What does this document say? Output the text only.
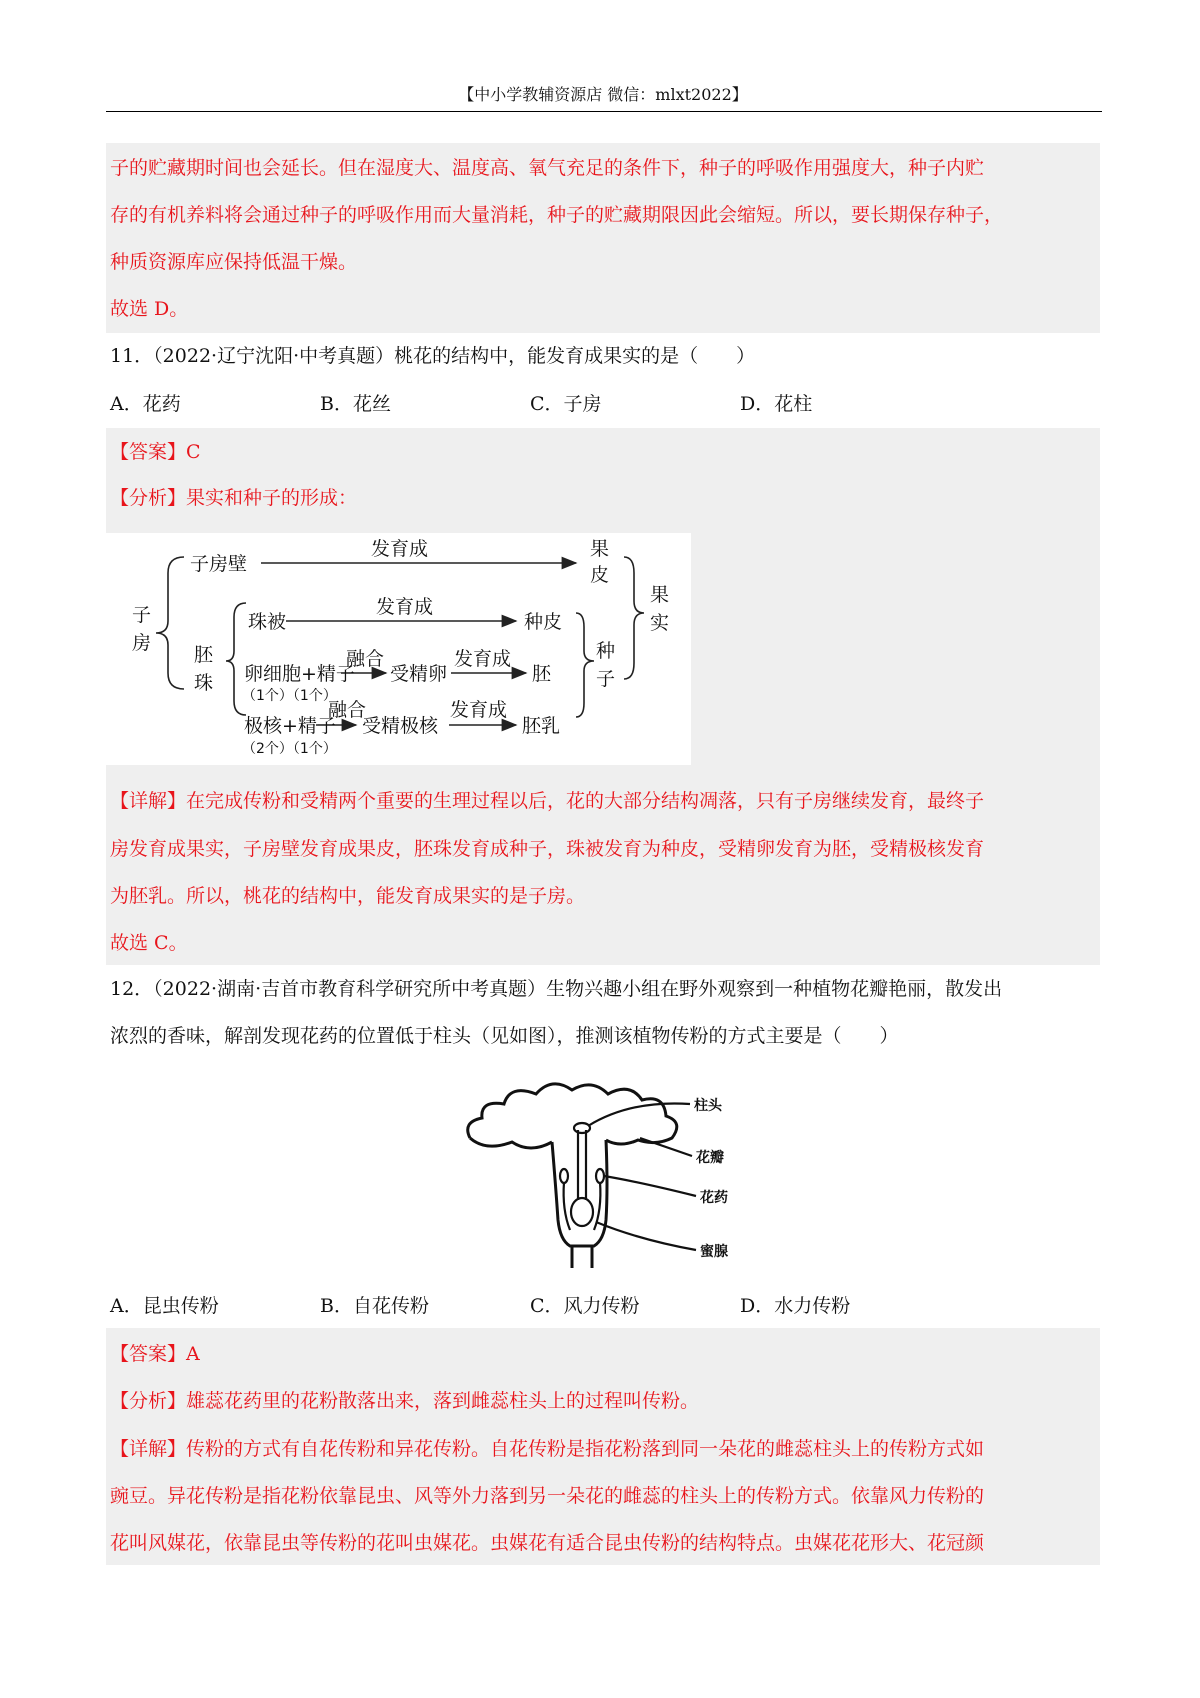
【中小学教辅资源店 微信：mlxt2022】
子的贮藏期时间也会延长。但在湿度大、温度高、氧气充足的条件下，种子的呼吸作用强度大，种子内贮
存的有机养料将会通过种子的呼吸作用而大量消耗，种子的贮藏期限因此会缩短。所以，要长期保存种子，
种质资源库应保持低温干燥。
故选 D。
11．（2022·辽宁沈阳·中考真题）桃花的结构中，能发育成果实的是（　　）
A．花药	B．花丝	C．子房	D．花柱
【答案】C
【分析】果实和种子的形成：
发育成
子房壁
果
皮
果
实
子
房
发育成
珠被	种皮
胚
珠 卵细胞+精子
融合
受精卵
发育成
胚
种
子
（1个）（1个）
融合
极核+精子 受精极核
发育成
胚乳
（2个）（1个）
【详解】在完成传粉和受精两个重要的生理过程以后，花的大部分结构凋落，只有子房继续发育，最终子
房发育成果实，子房壁发育成果皮，胚珠发育成种子，珠被发育为种皮，受精卵发育为胚，受精极核发育
为胚乳。所以，桃花的结构中，能发育成果实的是子房。
故选 C。
12．（2022·湖南·吉首市教育科学研究所中考真题）生物兴趣小组在野外观察到一种植物花瓣艳丽，散发出
浓烈的香味，解剖发现花药的位置低于柱头（见如图），推测该植物传粉的方式主要是（　　）
柱头
花瓣
花药
蜜腺
A．昆虫传粉	B．自花传粉	C．风力传粉	D．水力传粉
【答案】A
【分析】雄蕊花药里的花粉散落出来，落到雌蕊柱头上的过程叫传粉。
【详解】传粉的方式有自花传粉和异花传粉。自花传粉是指花粉落到同一朵花的雌蕊柱头上的传粉方式如
豌豆。异花传粉是指花粉依靠昆虫、风等外力落到另一朵花的雌蕊的柱头上的传粉方式。依靠风力传粉的
花叫风媒花，依靠昆虫等传粉的花叫虫媒花。虫媒花有适合昆虫传粉的结构特点。虫媒花花形大、花冠颜
